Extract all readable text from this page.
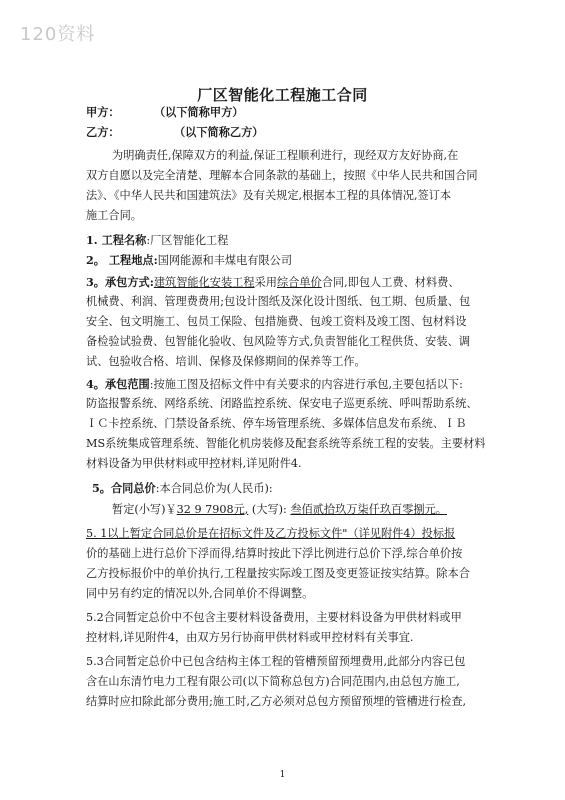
120资料
厂区智能化工程施工合同
甲方：	（以下简称甲方）
乙方：	（以下简称乙方）
为明确责任,保障双方的利益,保证工程顺利进行，现经双方友好协商,在
双方自愿以及完全清楚、理解本合同条款的基础上，按照《中华人民共和国合同
法》、《中华人民共和国建筑法》及有关规定,根据本工程的具体情况,签订本
施工合同。
1. 工程名称:厂区智能化工程
2。 工程地点:国网能源和丰煤电有限公司
3。承包方式:建筑智能化安装工程采用综合单价合同,即包人工费、材料费、
机械费、利润、管理费费用;包设计图纸及深化设计图纸、包工期、包质量、包
安全、包文明施工、包员工保险、包措施费、包竣工资料及竣工图、包材料设
备检验试验费、包智能化验收、包风险等方式,负责智能化工程供货、安装、调
试、包验收合格、培训、保修及保修期间的保养等工作。
4。承包范围:按施工图及招标文件中有关要求的内容进行承包,主要包括以下:
防盗报警系统、网络系统、闭路监控系统、保安电子巡更系统、呼叫帮助系统、
ＩＣ卡控系统、门禁设备系统、停车场管理系统、多媒体信息发布系统、ＩＢ
MS系统集成管理系统、智能化机房装修及配套系统等系统工程的安装。主要材料
材料设备为甲供材料或甲控材料,详见附件4.
5。合同总价:本合同总价为(人民币):
暂定(小写)￥32 9 7908元, (大写): 叁佰贰拾玖万柒仟玖百零捌元。
5. 1以上暂定合同总价是在招标文件及乙方投标文件"（详见附件4）投标报
价的基础上进行总价下浮而得,结算时按此下浮比例进行总价下浮,综合单价按
乙方投标报价中的单价执行,工程量按实际竣工图及变更签证按实结算。除本合
同中另有约定的情况以外,合同单价不得调整。
5.2合同暂定总价中不包含主要材料设备费用，主要材料设备为甲供材料或甲
控材料,详见附件4，由双方另行协商甲供材料或甲控材料有关事宜.
5.3合同暂定总价中已包含结构主体工程的管槽预留预埋费用,此部分内容已包
含在山东清竹电力工程有限公司(以下简称总包方)合同范围内,由总包方施工,
结算时应扣除此部分费用;施工时,乙方必须对总包方预留预埋的管槽进行检查,
1
